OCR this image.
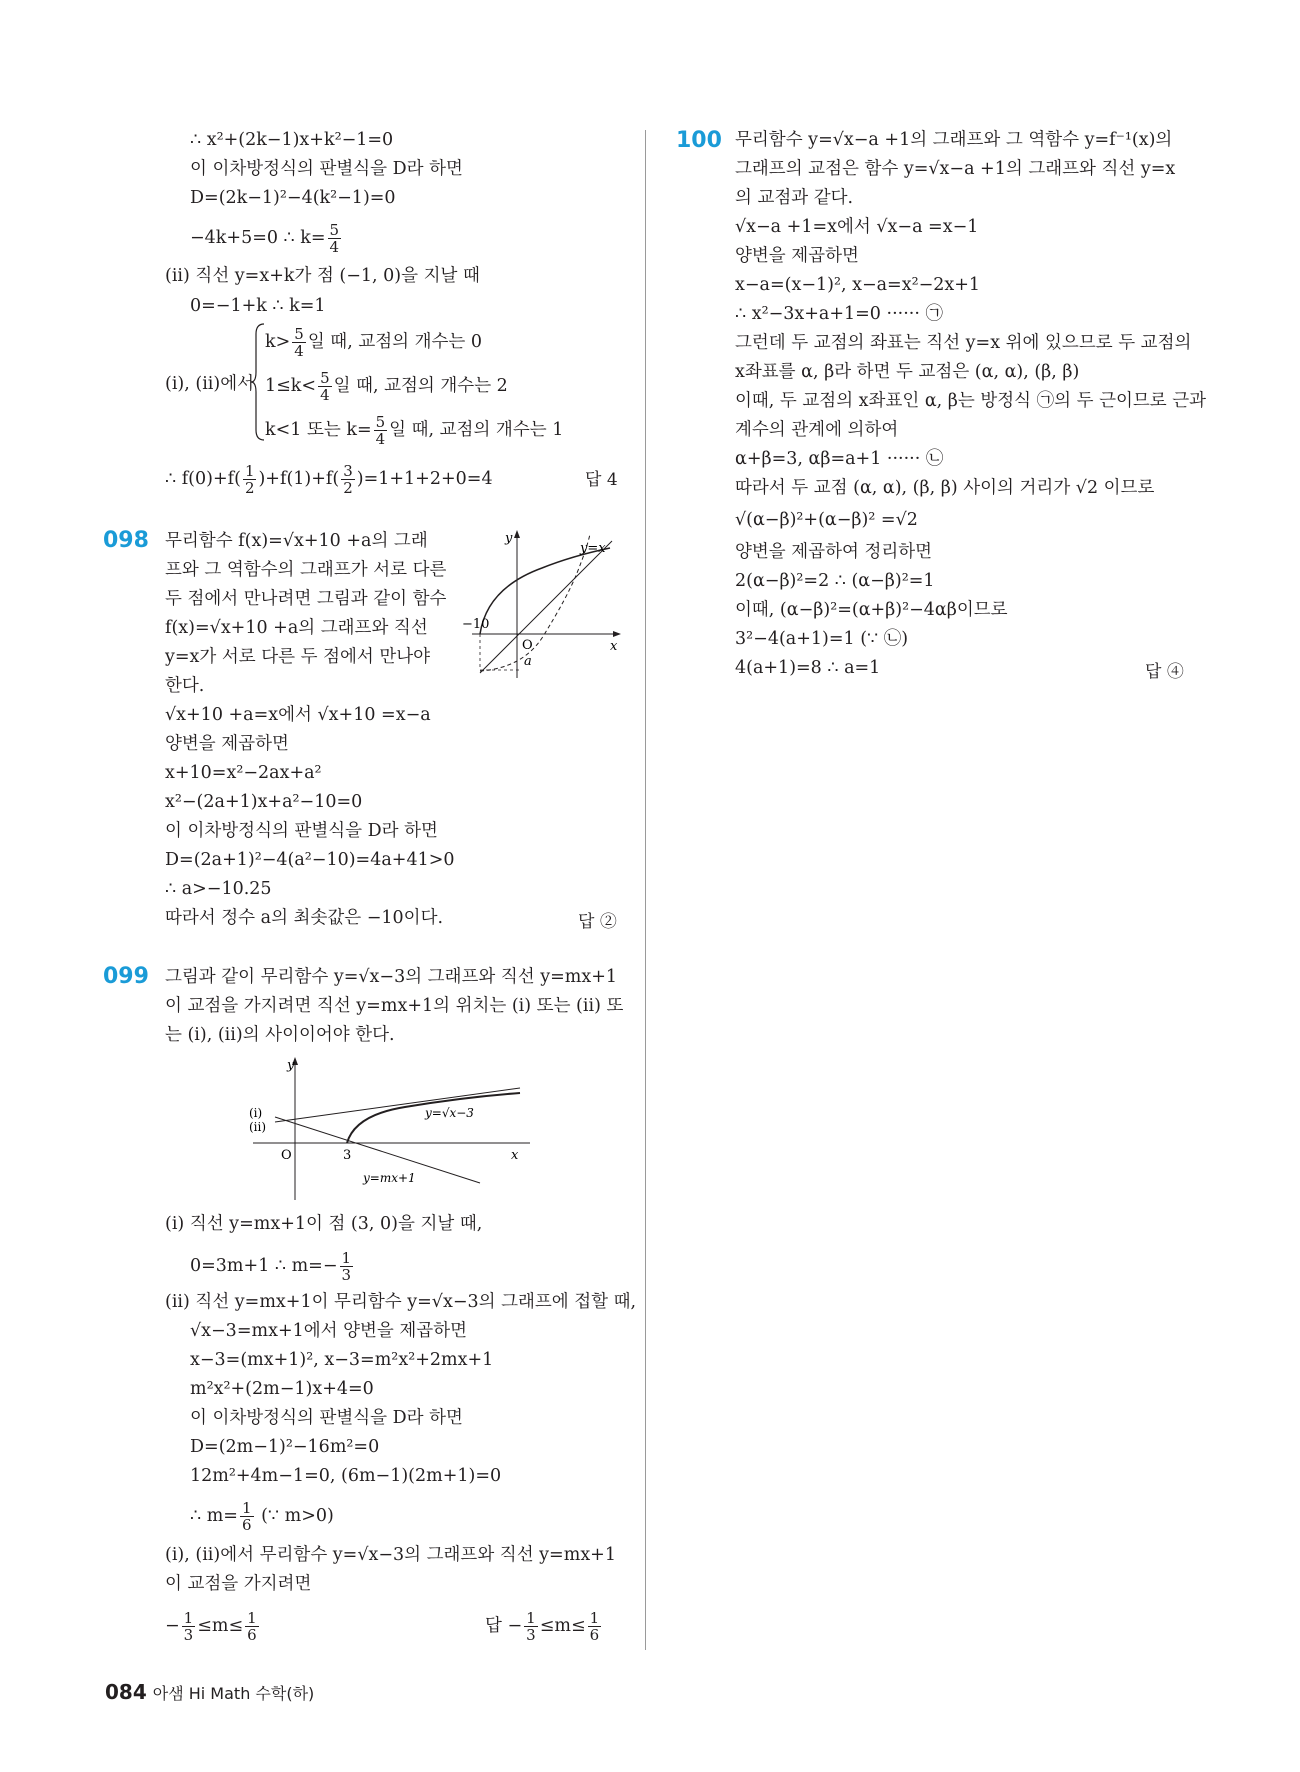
∴ x²+(2k−1)x+k²−1=0
이 이차방정식의 판별식을 D라 하면
D=(2k−1)²−4(k²−1)=0
−4k+5=0 ∴ $k= \frac{5}{4}$
(ii) 직선 y=x+k가 점 (−1, 0)을 지날 때
0=−1+k ∴ k=1
(i), (ii)에서
$k> \frac{5}{4}$ 일 때, 교점의 개수는 0
$1\le k< \frac{5}{4}$ 일 때, 교점의 개수는 2
k<1 또는 $k= \frac{5}{4}$ 일 때, 교점의 개수는 1
∴ $f(0)+f( \frac{1}{2} )+f(1)+f( \frac{3}{2} )=1+1+2+0=4$	답 4
098 무리함수 f(x)=√x+10 +a의 그래
프와 그 역함수의 그래프가 서로 다른
두 점에서 만나려면 그림과 같이 함수
f(x)=√x+10 +a의 그래프와 직선
y=x가 서로 다른 두 점에서 만나야
한다.
y
x
y=x
−10
O
a
√x+10 +a=x에서 √x+10 =x−a
양변을 제곱하면
x+10=x²−2ax+a²
x²−(2a+1)x+a²−10=0
이 이차방정식의 판별식을 D라 하면
D=(2a+1)²−4(a²−10)=4a+41>0
∴ a>−10.25
따라서 정수 a의 최솟값은 −10이다.	답 ②
099 그림과 같이 무리함수 y=√x−3의 그래프와 직선 y=mx+1
이 교점을 가지려면 직선 y=mx+1의 위치는 (i) 또는 (ii) 또
는 (i), (ii)의 사이이어야 한다.
y
x
O	3
(i)
(ii)
y=√x−3
y=mx+1
(i) 직선 y=mx+1이 점 (3, 0)을 지날 때,
0=3m+1 ∴ $m=- \frac{1}{3}$
(ii) 직선 y=mx+1이 무리함수 y=√x−3의 그래프에 접할 때,
√x−3=mx+1에서 양변을 제곱하면
x−3=(mx+1)², x−3=m²x²+2mx+1
m²x²+(2m−1)x+4=0
이 이차방정식의 판별식을 D라 하면
D=(2m−1)²−16m²=0
12m²+4m−1=0, (6m−1)(2m+1)=0
∴ $m= \frac{1}{6}$ (∵ m>0)
(i), (ii)에서 무리함수 y=√x−3의 그래프와 직선 y=mx+1
이 교점을 가지려면
− $\frac{1}{3} \le m\le \frac{1}{6}$	답 − $\frac{1}{3} \le m\le \frac{1}{6}$
100 무리함수 y=√x−a +1의 그래프와 그 역함수 y=f⁻¹(x)의
그래프의 교점은 함수 y=√x−a +1의 그래프와 직선 y=x
의 교점과 같다.
√x−a +1=x에서 √x−a =x−1
양변을 제곱하면
x−a=(x−1)², x−a=x²−2x+1
∴ x²−3x+a+1=0 ······ ㉠
그런데 두 교점의 좌표는 직선 y=x 위에 있으므로 두 교점의
x좌표를 α, β라 하면 두 교점은 (α, α), (β, β)
이때, 두 교점의 x좌표인 α, β는 방정식 ㉠의 두 근이므로 근과
계수의 관계에 의하여
α+β=3, αβ=a+1 ······ ㉡
따라서 두 교점 (α, α), (β, β) 사이의 거리가 √2 이므로
√(α−β)²+(α−β)² =√2
양변을 제곱하여 정리하면
2(α−β)²=2 ∴ (α−β)²=1
이때, (α−β)²=(α+β)²−4αβ이므로
3²−4(a+1)=1 (∵ ㉡)
4(a+1)=8 ∴ a=1	답 ④
084 아샘 Hi Math 수학(하)
